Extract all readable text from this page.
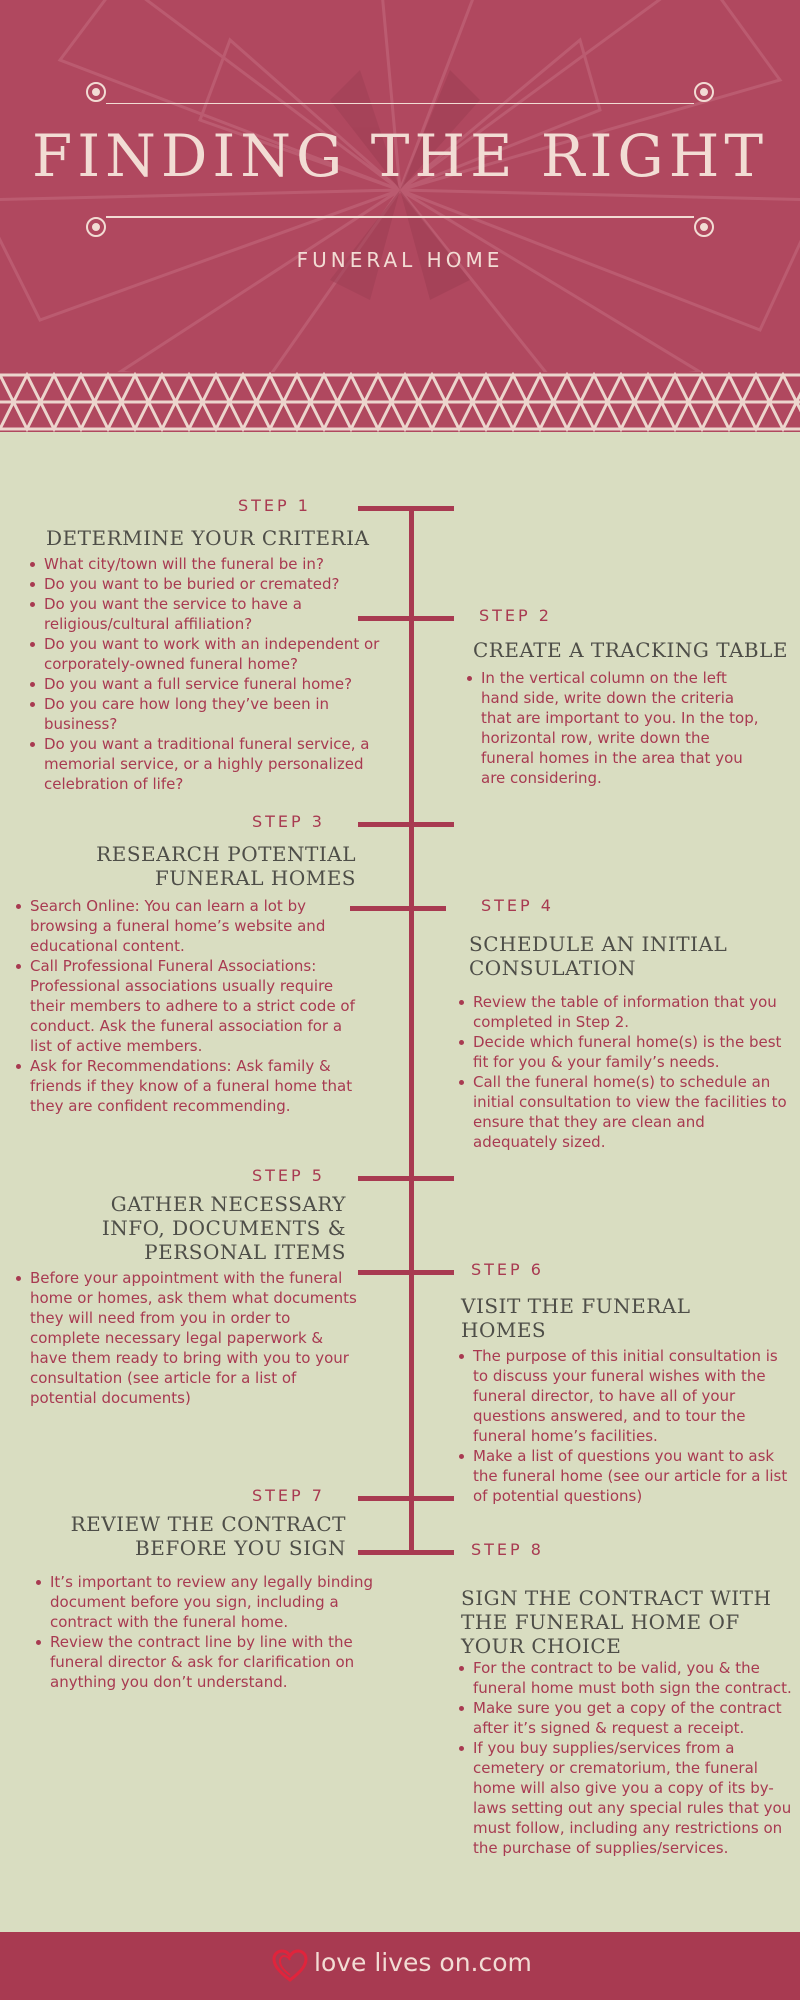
FINDING THE RIGHT
FUNERAL HOME
STEP 1
DETERMINE YOUR CRITERIA
What city/town will the funeral be in?
Do you want to be buried or cremated?
Do you want the service to have a religious/cultural affiliation?
Do you want to work with an independent or corporately-owned funeral home?
Do you want a full service funeral home?
Do you care how long they’ve been in business?
Do you want a traditional funeral service, a memorial service, or a highly personalized celebration of life?
STEP 2
CREATE A TRACKING TABLE
In the vertical column on the left hand side, write down the criteria that are important to you. In the top, horizontal row, write down the funeral homes in the area that you are considering.
STEP 3
RESEARCH POTENTIAL FUNERAL HOMES
Search Online: You can learn a lot by browsing a funeral home’s website and educational content.
Call Professional Funeral Associations: Professional associations usually require their members to adhere to a strict code of conduct. Ask the funeral association for a list of active members.
Ask for Recommendations: Ask family & friends if they know of a funeral home that they are confident recommending.
STEP 4
SCHEDULE AN INITIAL CONSULATION
Review the table of information that you completed in Step 2.
Decide which funeral home(s) is the best fit for you & your family’s needs.
Call the funeral home(s) to schedule an initial consultation to view the facilities to ensure that they are clean and adequately sized.
STEP 5
GATHER NECESSARY INFO, DOCUMENTS & PERSONAL ITEMS
Before your appointment with the funeral home or homes, ask them what documents they will need from you in order to complete necessary legal paperwork & have them ready to bring with you to your consultation (see article for a list of potential documents)
STEP 6
VISIT THE FUNERAL HOMES
The purpose of this initial consultation is to discuss your funeral wishes with the funeral director, to have all of your questions answered, and to tour the funeral home’s facilities.
Make a list of questions you want to ask the funeral home (see our article for a list of potential questions)
STEP 7
REVIEW THE CONTRACT BEFORE YOU SIGN
It’s important to review any legally binding document before you sign, including a contract with the funeral home.
Review the contract line by line with the funeral director & ask for clarification on anything you don’t understand.
STEP 8
SIGN THE CONTRACT WITH THE FUNERAL HOME OF YOUR CHOICE
For the contract to be valid, you & the funeral home must both sign the contract.
Make sure you get a copy of the contract after it’s signed & request a receipt.
If you buy supplies/services from a cemetery or crematorium, the funeral home will also give you a copy of its by-laws setting out any special rules that you must follow, including any restrictions on the purchase of supplies/services.
love lives on.com
